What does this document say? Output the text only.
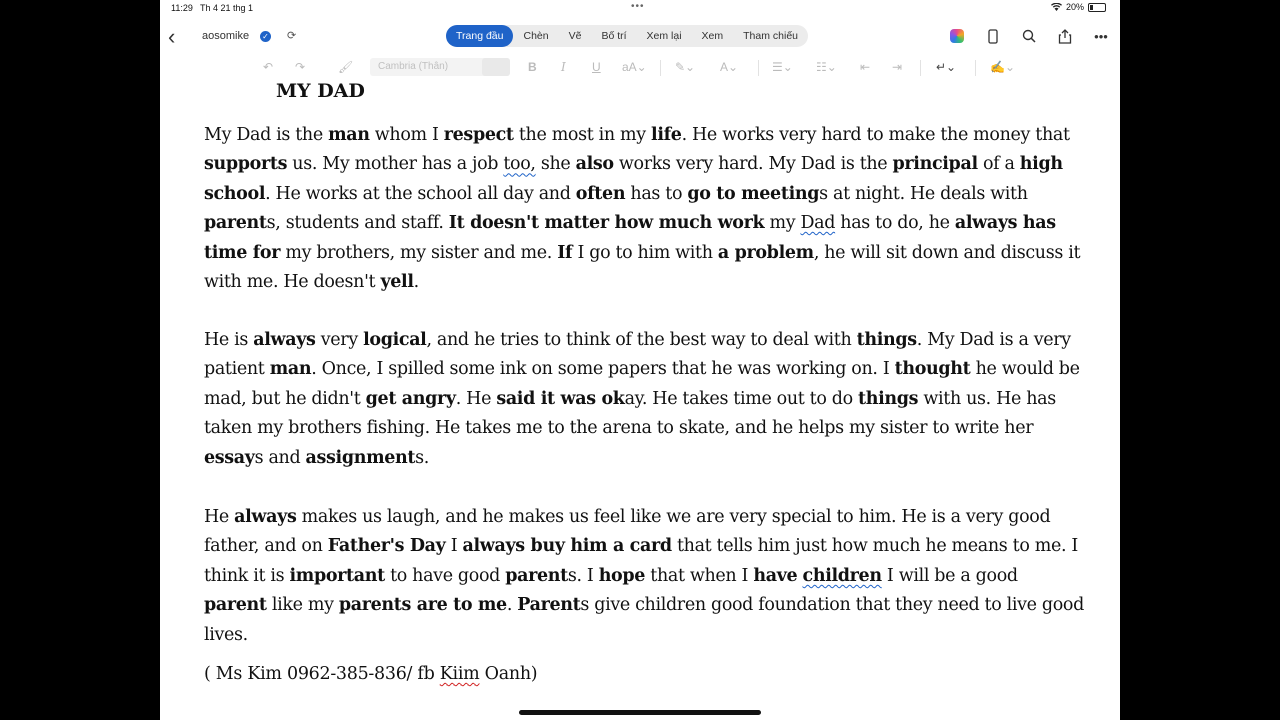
11:29 Th 4 21 thg 1	•••	20%
‹ aosomike ✓ ⟳	Trang đầu	Chèn	Vẽ	Bố trí	Xem lại	Xem	Tham chiếu	•••
↶ ↷	🖌︎	Cambria (Thân)	B I U aA⌄ ✎⌄ A⌄	☰⌄ ☷⌄ ⇤ ⇥	↵⌄	✍⌄
MY DAD
My Dad is the man whom I respect the most in my life. He works very hard to make the money that supports us. My mother has a job too, she also works very hard. My Dad is the principal of a high school. He works at the school all day and often has to go to meetings at night. He deals with parents, students and staff. It doesn't matter how much work my Dad has to do, he always has time for my brothers, my sister and me. If I go to him with a problem, he will sit down and discuss it with me. He doesn't yell.
He is always very logical, and he tries to think of the best way to deal with things. My Dad is a very patient man. Once, I spilled some ink on some papers that he was working on. I thought he would be mad, but he didn't get angry. He said it was okay. He takes time out to do things with us. He has taken my brothers fishing. He takes me to the arena to skate, and he helps my sister to write her essays and assignments.
He always makes us laugh, and he makes us feel like we are very special to him. He is a very good father, and on Father's Day I always buy him a card that tells him just how much he means to me. I think it is important to have good parents. I hope that when I have children I will be a good parent like my parents are to me. Parents give children good foundation that they need to live good lives.
( Ms Kim 0962-385-836/ fb Kiim Oanh)
